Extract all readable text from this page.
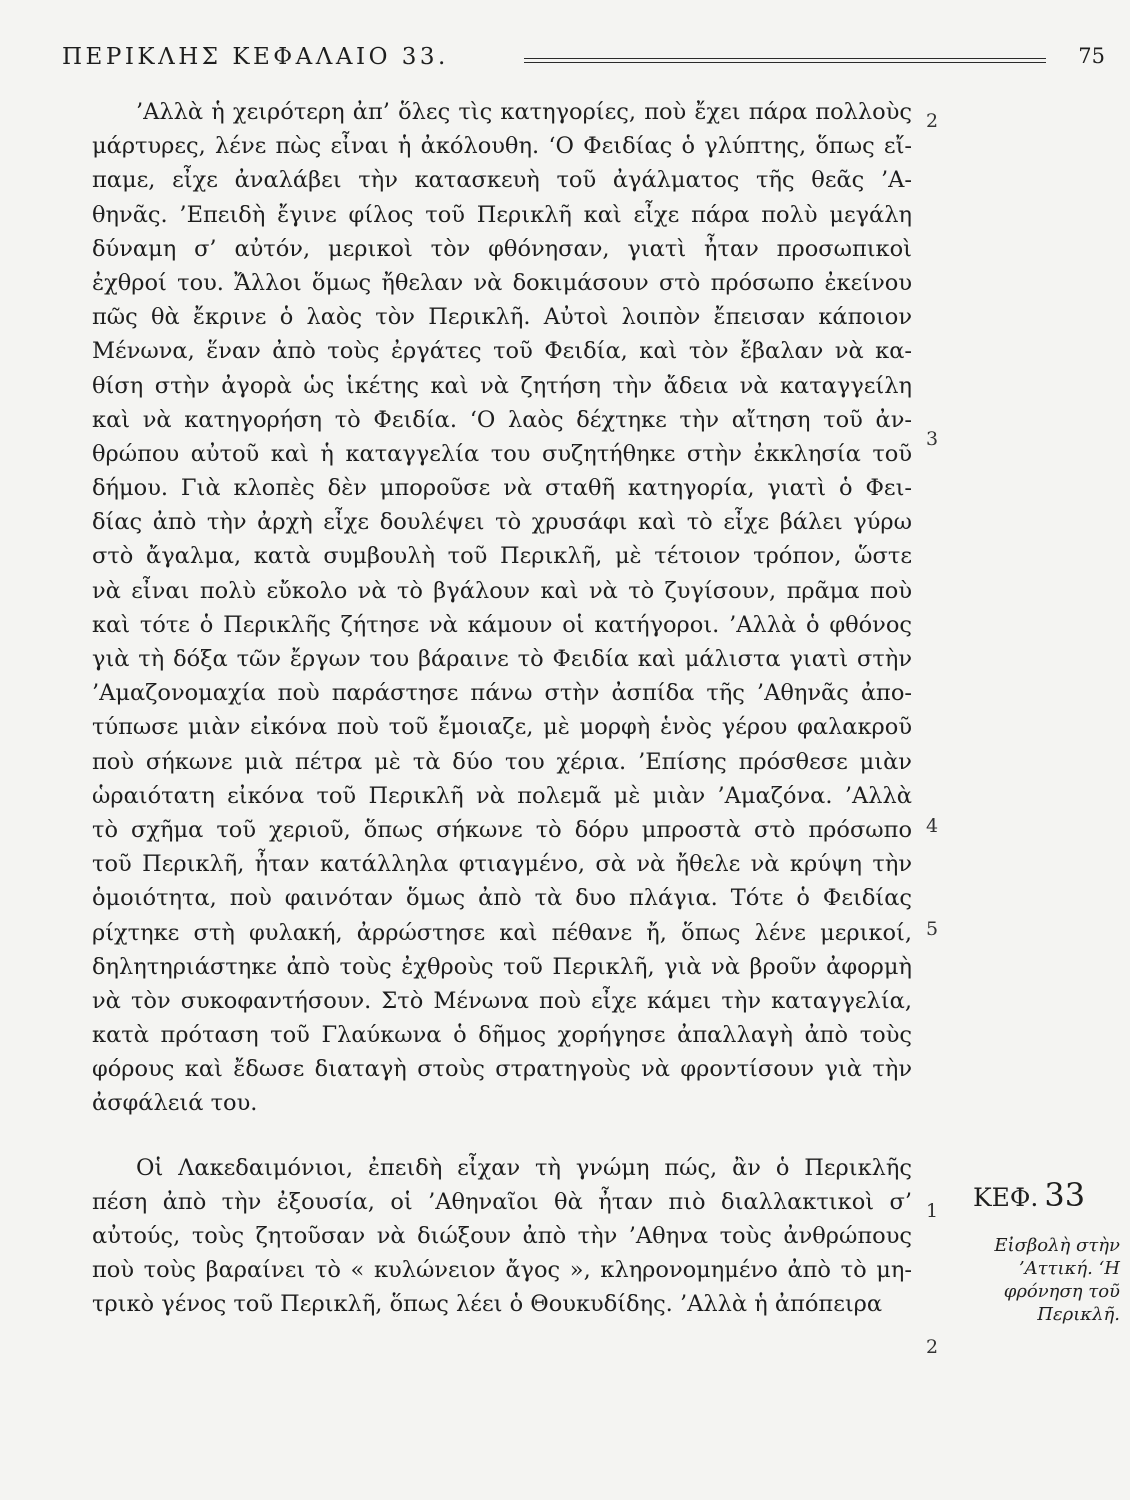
ΠΕΡΙΚΛΗΣ ΚΕΦΑΛΑΙΟ 33.	75
’Αλλὰ ἡ χειρότερη ἀπ’ ὅλες τὶς κατηγορίες, ποὺ ἔχει πάρα πολλοὺς
μάρτυρες, λένε πὼς εἶναι ἡ ἀκόλουθη. ‘Ο Φειδίας ὁ γλύπτης, ὅπως εἴ-
παμε, εἶχε ἀναλάβει τὴν κατασκευὴ τοῦ ἀγάλματος τῆς θεᾶς ’Α-
θηνᾶς. ’Επειδὴ ἔγινε φίλος τοῦ Περικλῆ καὶ εἶχε πάρα πολὺ μεγάλη
δύναμη σ’ αὐτόν, μερικοὶ τὸν φθόνησαν, γιατὶ ἦταν προσωπικοὶ
ἐχθροί του. Ἄλλοι ὅμως ἤθελαν νὰ δοκιμάσουν στὸ πρόσωπο ἐκείνου
πῶς θὰ ἔκρινε ὁ λαὸς τὸν Περικλῆ. Αὐτοὶ λοιπὸν ἔπεισαν κάποιον
Μένωνα, ἕναν ἀπὸ τοὺς ἐργάτες τοῦ Φειδία, καὶ τὸν ἔβαλαν νὰ κα-
θίση στὴν ἀγορὰ ὡς ἱκέτης καὶ νὰ ζητήση τὴν ἄδεια νὰ καταγγείλη
καὶ νὰ κατηγορήση τὸ Φειδία. ‘Ο λαὸς δέχτηκε τὴν αἴτηση τοῦ ἀν-
θρώπου αὐτοῦ καὶ ἡ καταγγελία του συζητήθηκε στὴν ἐκκλησία τοῦ
δήμου. Γιὰ κλοπὲς δὲν μποροῦσε νὰ σταθῆ κατηγορία, γιατὶ ὁ Φει-
δίας ἀπὸ τὴν ἀρχὴ εἶχε δουλέψει τὸ χρυσάφι καὶ τὸ εἶχε βάλει γύρω
στὸ ἄγαλμα, κατὰ συμβουλὴ τοῦ Περικλῆ, μὲ τέτοιον τρόπον, ὥστε
νὰ εἶναι πολὺ εὔκολο νὰ τὸ βγάλουν καὶ νὰ τὸ ζυγίσουν, πρᾶμα ποὺ
καὶ τότε ὁ Περικλῆς ζήτησε νὰ κάμουν οἱ κατήγοροι. ’Αλλὰ ὁ φθόνος
γιὰ τὴ δόξα τῶν ἔργων του βάραινε τὸ Φειδία καὶ μάλιστα γιατὶ στὴν
’Αμαζονομαχία ποὺ παράστησε πάνω στὴν ἀσπίδα τῆς ’Αθηνᾶς ἀπο-
τύπωσε μιὰν εἰκόνα ποὺ τοῦ ἔμοιαζε, μὲ μορφὴ ἑνὸς γέρου φαλακροῦ
ποὺ σήκωνε μιὰ πέτρα μὲ τὰ δύο του χέρια. ’Επίσης πρόσθεσε μιὰν
ὡραιότατη εἰκόνα τοῦ Περικλῆ νὰ πολεμᾶ μὲ μιὰν ’Αμαζόνα. ’Αλλὰ
τὸ σχῆμα τοῦ χεριοῦ, ὅπως σήκωνε τὸ δόρυ μπροστὰ στὸ πρόσωπο
τοῦ Περικλῆ, ἦταν κατάλληλα φτιαγμένο, σὰ νὰ ἤθελε νὰ κρύψη τὴν
ὁμοιότητα, ποὺ φαινόταν ὅμως ἀπὸ τὰ δυο πλάγια. Τότε ὁ Φειδίας
ρίχτηκε στὴ φυλακή, ἀρρώστησε καὶ πέθανε ἤ, ὅπως λένε μερικοί,
δηλητηριάστηκε ἀπὸ τοὺς ἐχθροὺς τοῦ Περικλῆ, γιὰ νὰ βροῦν ἀφορμὴ
νὰ τὸν συκοφαντήσουν. Στὸ Μένωνα ποὺ εἶχε κάμει τὴν καταγγελία,
κατὰ πρόταση τοῦ Γλαύκωνα ὁ δῆμος χορήγησε ἀπαλλαγὴ ἀπὸ τοὺς
φόρους καὶ ἔδωσε διαταγὴ στοὺς στρατηγοὺς νὰ φροντίσουν γιὰ τὴν
ἀσφάλειά του.
Οἱ Λακεδαιμόνιοι, ἐπειδὴ εἶχαν τὴ γνώμη πώς, ἂν ὁ Περικλῆς
πέση ἀπὸ τὴν ἐξουσία, οἱ ’Αθηναῖοι θὰ ἦταν πιὸ διαλλακτικοὶ σ’
αὐτούς, τοὺς ζητοῦσαν νὰ διώξουν ἀπὸ τὴν ’Αθηνα τοὺς ἀνθρώπους
ποὺ τοὺς βαραίνει τὸ « κυλώνειον ἄγος », κληρονομημένο ἀπὸ τὸ μη-
τρικὸ γένος τοῦ Περικλῆ, ὅπως λέει ὁ Θουκυδίδης. ’Αλλὰ ἡ ἀπόπειρα
2
3
4
5
1
2
ΚΕΦ. 33
Εἰσβολὴ στὴν ’Αττική. ‘Η φρόνηση τοῦ Περικλῆ.
